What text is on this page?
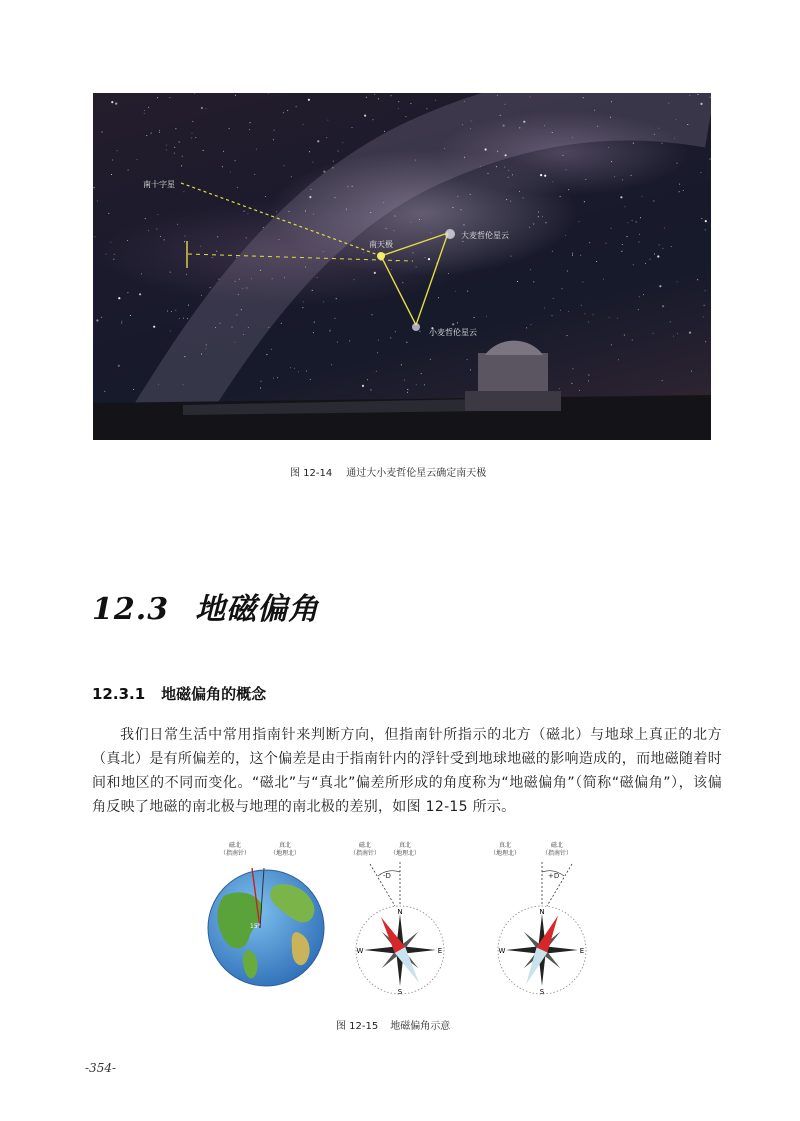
南十字星
南天极
大麦哲伦星云
小麦哲伦星云
图 12-14 通过大小麦哲伦星云确定南天极
12.3 地磁偏角
12.3.1 地磁偏角的概念

我们日常生活中常用指南针来判断方向，但指南针所指示的北方（磁北）与地球上真正的北方（真北）是有所偏差的，这个偏差是由于指南针内的浮针受到地球地磁的影响造成的，而地磁随着时间和地区的不同而变化。“磁北”与“真北”偏差所形成的角度称为“地磁偏角”（简称“磁偏角”），该偏角反映了地磁的南北极与地理的南北极的差别，如图 12-15 所示。

磁北
（指南针）
真北
（地理北）
15°
磁北
（指南针）
真北
（地理北）
-D
N
S
W	E
真北
（地理北）
磁北
（指南针）
+D
N
S
W	E
图 12-15 地磁偏角示意
-354-
